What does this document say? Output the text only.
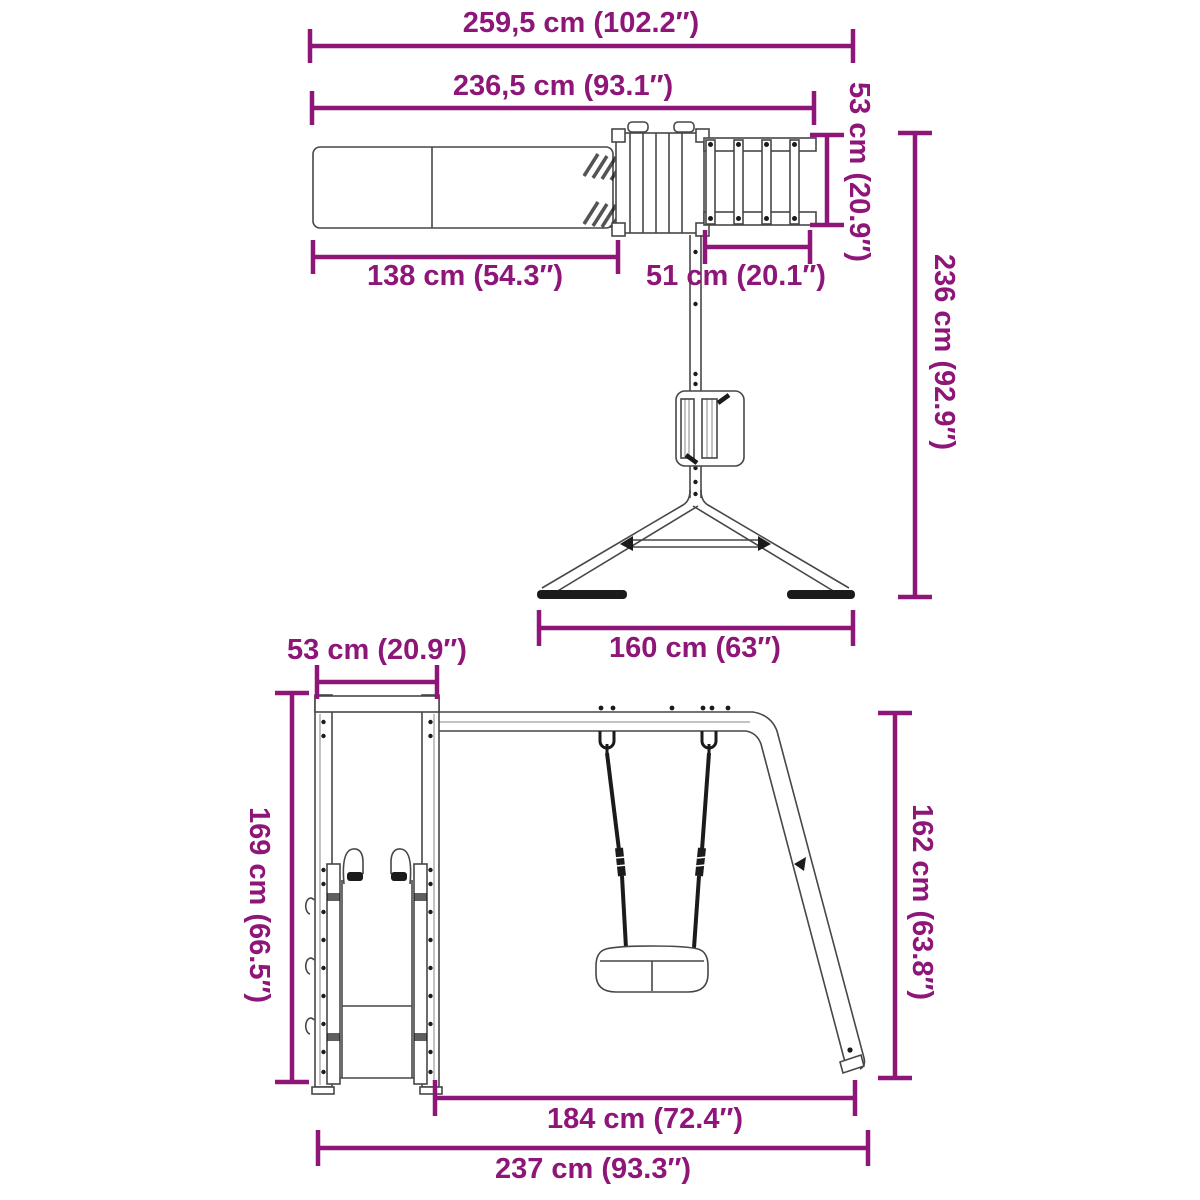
259,5 cm (102.2″)
236,5 cm (93.1″)	53 cm (20.9″)
236 cm (92.9″)
138 cm (54.3″)	51 cm (20.1″)
160 cm (63″)
53 cm (20.9″)
169 cm (66.5″)	162 cm (63.8″)
184 cm (72.4″)
237 cm (93.3″)
